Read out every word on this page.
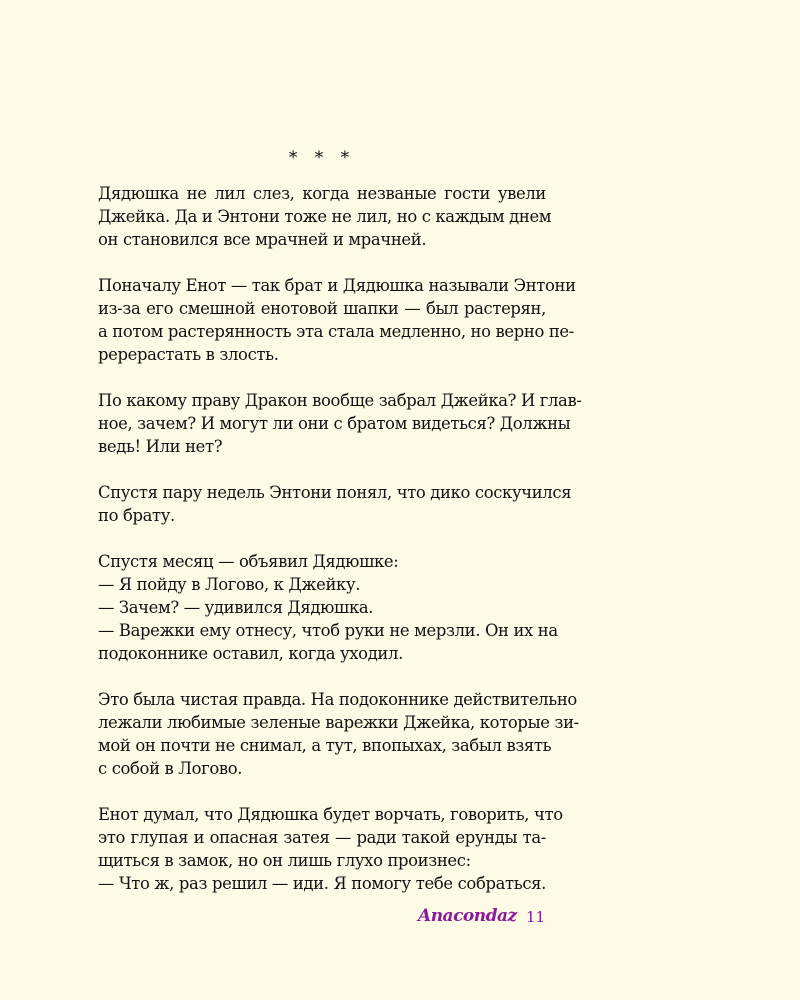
* * *
Дядюшка не лил слез, когда незваные гости увели
Джейка. Да и Энтони тоже не лил, но с каждым днем
он становился все мрачней и мрачней.
Поначалу Енот — так брат и Дядюшка называли Энтони
из-за его смешной енотовой шапки — был растерян,
а потом растерянность эта стала медленно, но верно пе-
ререрастать в злость.
По какому праву Дракон вообще забрал Джейка? И глав-
ное, зачем? И могут ли они с братом видеться? Должны
ведь! Или нет?
Спустя пару недель Энтони понял, что дико соскучился
по брату.
Спустя месяц — объявил Дядюшке:
— Я пойду в Логово, к Джейку.
— Зачем? — удивился Дядюшка.
— Варежки ему отнесу, чтоб руки не мерзли. Он их на
подоконнике оставил, когда уходил.
Это была чистая правда. На подоконнике действительно
лежали любимые зеленые варежки Джейка, которые зи-
мой он почти не снимал, а тут, впопыхах, забыл взять
с собой в Логово.
Енот думал, что Дядюшка будет ворчать, говорить, что
это глупая и опасная затея — ради такой ерунды та-
щиться в замок, но он лишь глухо произнес:
— Что ж, раз решил — иди. Я помогу тебе собраться.
Anacondaz 11
